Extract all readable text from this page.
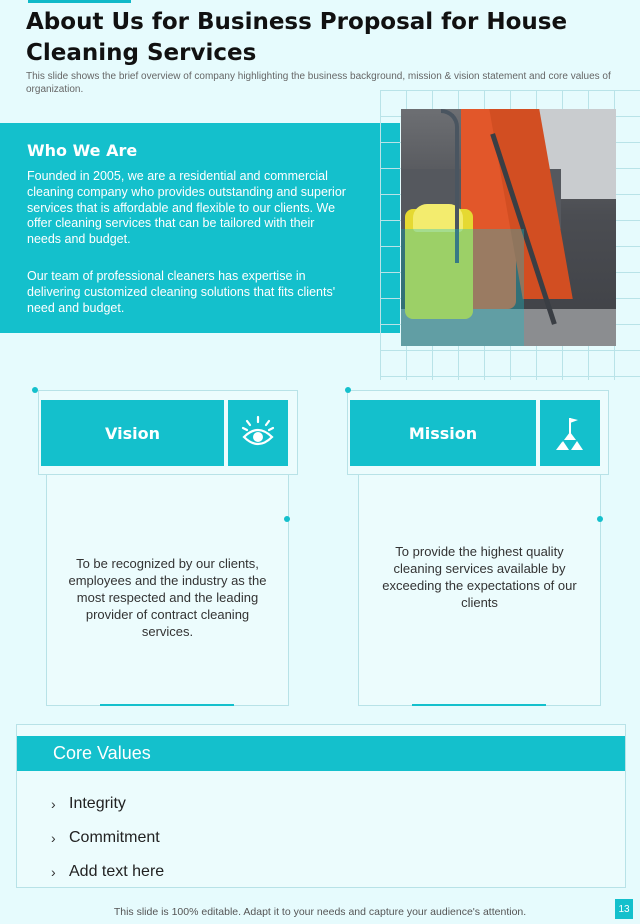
About Us for Business Proposal for House Cleaning Services
This slide shows the brief overview of company highlighting the business background, mission & vision statement and core values of organization.
Who We Are
Founded in 2005, we are a residential and commercial cleaning company who provides outstanding and superior services that is affordable and flexible to our clients. We offer cleaning services that can be tailored with their needs and budget.
Our team of professional cleaners has expertise in delivering customized cleaning solutions that fits clients' need and budget.
Vision
To be recognized by our clients, employees and the industry as the most respected and the leading provider of contract cleaning services.
Mission
To provide the highest quality cleaning services available by exceeding the expectations of our clients
Core Values
› Integrity
› Commitment
› Add text here
This slide is 100% editable. Adapt it to your needs and capture your audience's attention.	13
